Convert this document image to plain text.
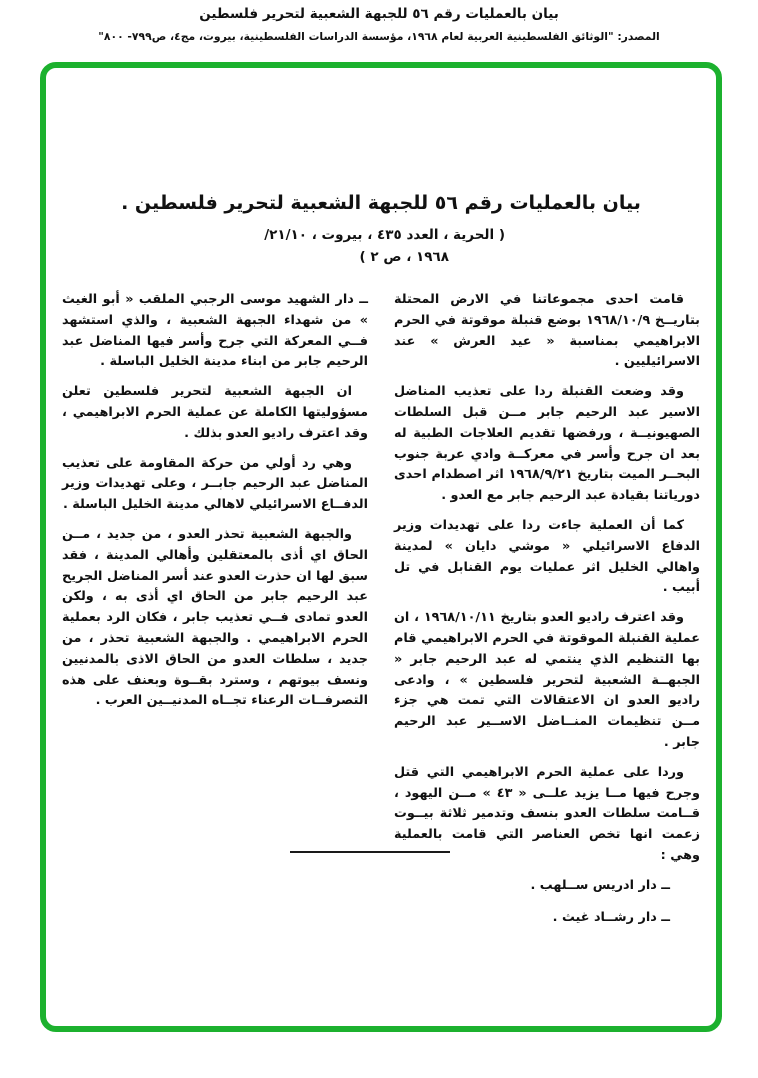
بيان بالعمليات رقم ٥٦ للجبهة الشعبية لتحرير فلسطين
المصدر: "الوثائق الفلسطينية العربية لعام ١٩٦٨، مؤسسة الدراسات الفلسطينية، بيروت، مج٤، ص٧٩٩- ٨٠٠"
بيان بالعمليات رقم ٥٦ للجبهة الشعبية لتحرير فلسطين .
( الحرية ، العدد ٤٣٥ ، بيروت ، ٢١/١٠/
١٩٦٨ ، ص ٢ )

قامت احدى مجموعاتنا في الارض المحتلة بتاريــخ ١٩٦٨/١٠/٩ بوضع قنبلة موقوتة في الحرم الابراهيمي بمناسبة « عيد العرش » عند الاسرائيليين .

وقد وضعت القنبلة ردا على تعذيب المناضل الاسير عبد الرحيم جابر مــن قبل السلطات الصهيونيــة ، ورفضها تقديم العلاجات الطبية له بعد ان جرح وأسر في معركــة وادي عربة جنوب البحــر الميت بتاريخ ١٩٦٨/٩/٢١ اثر اصطدام احدى دورياتنا بقيادة عبد الرحيم جابر مع العدو .

كما أن العملية جاءت ردا على تهديدات وزير الدفاع الاسرائيلي « موشي دايان » لمدينة واهالي الخليل اثر عمليات يوم القنابل في تل أبيب .

وقد اعترف راديو العدو بتاريخ ١٩٦٨/١٠/١١ ، ان عملية القنبلة الموقوتة في الحرم الابراهيمي قام بها التنظيم الذي ينتمي له عبد الرحيم جابر « الجبهــة الشعبية لتحرير فلسطين » ، وادعى راديو العدو ان الاعتقالات التي تمت هي جزء مــن تنظيمات المنــاضل الاســير عبد الرحيم جابر .

وردا على عملية الحرم الابراهيمي التي قتل وجرح فيها مــا يزيد علــى « ٤٣ » مــن اليهود ، قــامت سلطات العدو بنسف وتدمير ثلاثة بيــوت زعمت انها تخص العناصر التي قامت بالعملية وهي :

ــ دار ادريس ســلهب .
ــ دار رشــاد غيث .

ــ دار الشهيد موسى الرجبي الملقب « أبو الغيث » من شهداء الجبهة الشعبية ، والذي استشهد فــي المعركة التي جرح وأسر فيها المناضل عبد الرحيم جابر من ابناء مدينة الخليل الباسلة .

ان الجبهة الشعبية لتحرير فلسطين تعلن مسؤوليتها الكاملة عن عملية الحرم الابراهيمي ، وقد اعترف راديو العدو بذلك .

وهي رد أولي من حركة المقاومة على تعذيب المناضل عبد الرحيم جابــر ، وعلى تهديدات وزير الدفــاع الاسرائيلي لاهالي مدينة الخليل الباسلة .

والجبهة الشعبية تحذر العدو ، من جديد ، مــن الحاق اي أذى بالمعتقلين وأهالي المدينة ، فقد سبق لها ان حذرت العدو عند أسر المناضل الجريح عبد الرحيم جابر من الحاق اي أذى به ، ولكن العدو تمادى فــي تعذيب جابر ، فكان الرد بعملية الحرم الابراهيمي . والجبهة الشعبية تحذر ، من جديد ، سلطات العدو من الحاق الاذى بالمدنيين ونسف بيوتهم ، وسترد بقــوة وبعنف على هذه التصرفــات الرعناء تجــاه المدنيــين العرب .
